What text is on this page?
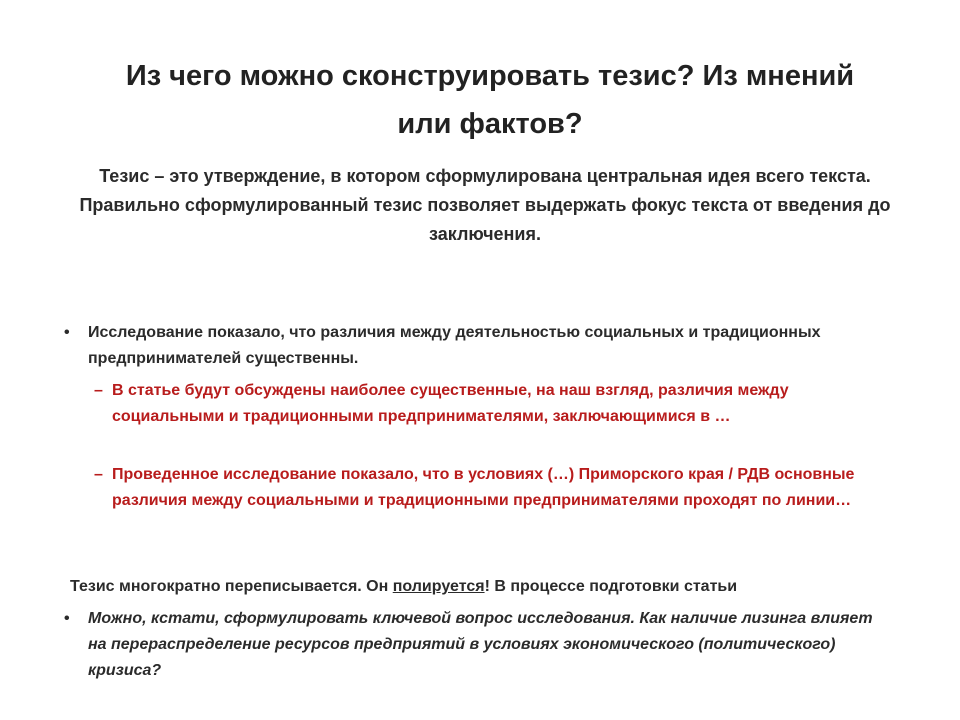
Из чего можно сконструировать тезис? Из мнений или фактов?
Тезис – это утверждение, в котором сформулирована центральная идея всего текста. Правильно сформулированный тезис позволяет выдержать фокус текста от введения до заключения.
• Исследование показало, что различия между деятельностью социальных и традиционных предпринимателей существенны.
– В статье будут обсуждены наиболее существенные, на наш взгляд, различия между социальными и традиционными предпринимателями, заключающимися в …
– Проведенное исследование показало, что в условиях (…) Приморского края / РДВ основные различия между социальными и традиционными предпринимателями проходят по линии…
Тезис многократно переписывается. Он полируется! В процессе подготовки статьи
• Можно, кстати, сформулировать ключевой вопрос исследования. Как наличие лизинга влияет на перераспределение ресурсов предприятий в условиях экономического (политического) кризиса?
